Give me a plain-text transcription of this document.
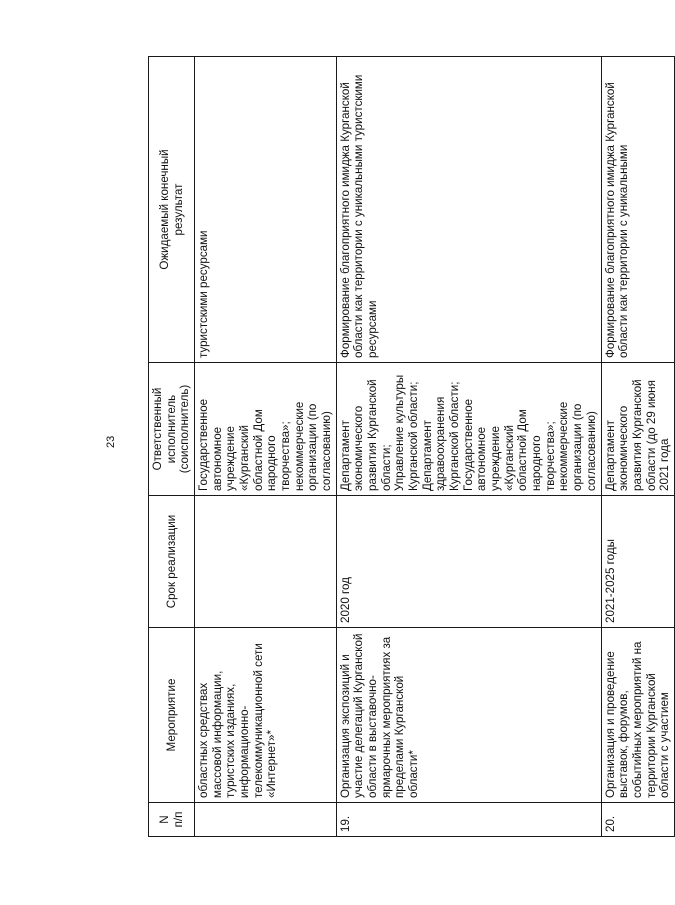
23
N
п/п	Мероприятие	Срок реализации	Ответственный
исполнитель
(соисполнитель)	Ожидаемый конечный
результат
	областных средствах массовой информации, туристских изданиях, информационно-телекоммуникационной сети «Интернет»*		Государственное автономное учреждение «Курганский областной Дом народного творчества»;
некоммерческие организации (по согласованию)	туристскими ресурсами
19.	Организация экспозиций и участие делегаций Курганской области в выставочно-ярмарочных мероприятиях за пределами Курганской области*	2020 год	Департамент экономического развития Курганской области;
Управление культуры Курганской области;
Департамент здравоохранения Курганской области;
Государственное автономное учреждение «Курганский областной Дом народного творчества»;
некоммерческие организации (по согласованию)	Формирование благоприятного имиджа Курганской области как территории с уникальными туристскими ресурсами
20.	Организация и проведение выставок, форумов, событийных мероприятий на территории Курганской области с участием	2021-2025 годы	Департамент экономического развития Курганской области (до 29 июня 2021 года	Формирование благоприятного имиджа Курганской области как территории с уникальными
